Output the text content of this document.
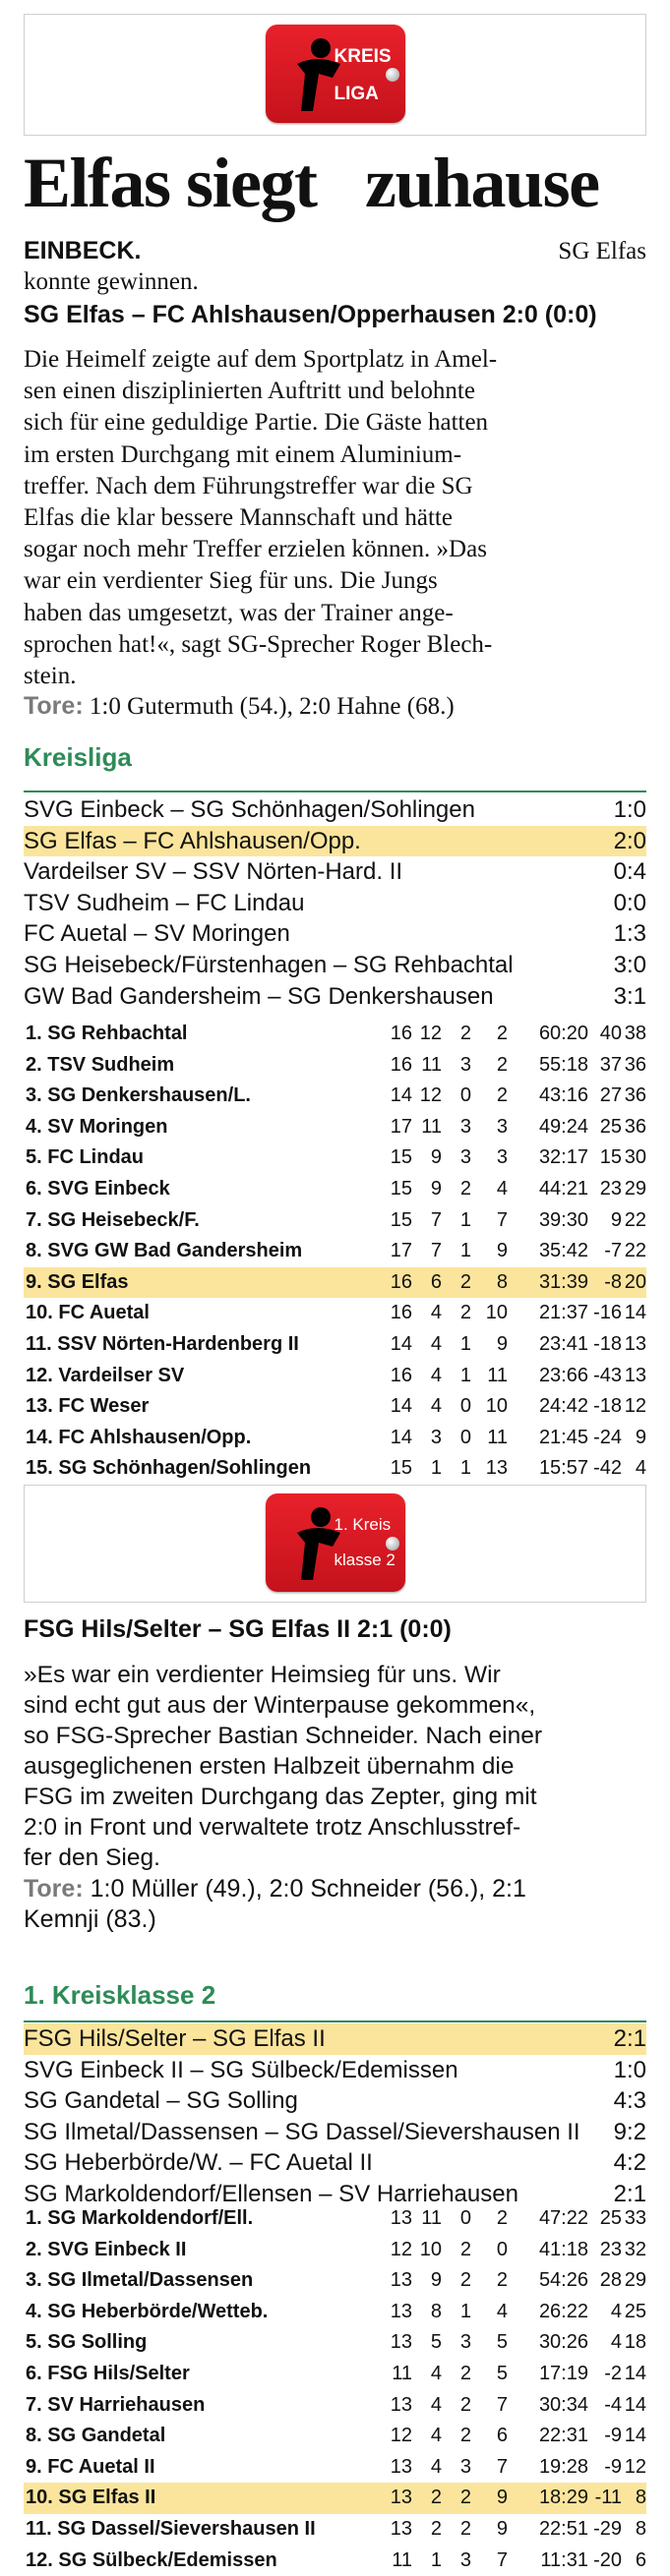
KREIS
LIGA
Elfas siegt   zuhause
EINBECK.	SG Elfas

konnte gewinnen.
SG Elfas – FC Ahlshausen/Opperhausen 2:0 (0:0)
Die Heimelf zeigte auf dem Sportplatz in Amel-
sen einen disziplinierten Auftritt und belohnte
sich für eine geduldige Partie. Die Gäste hatten
im ersten Durchgang mit einem Aluminium-
treffer. Nach dem Führungstreffer war die SG
Elfas die klar bessere Mannschaft und hätte
sogar noch mehr Treffer erzielen können. »Das
war ein verdienter Sieg für uns. Die Jungs
haben das umgesetzt, was der Trainer ange-
sprochen hat!«, sagt SG-Sprecher Roger Blech-
stein.
Tore: 1:0 Gutermuth (54.), 2:0 Hahne (68.)
Kreisliga
SVG Einbeck – SG Schönhagen/Sohlingen	1:0
SG Elfas – FC Ahlshausen/Opp.	2:0
Vardeilser SV – SSV Nörten-Hard. II	0:4
TSV Sudheim – FC Lindau	0:0
FC Auetal – SV Moringen	1:3
SG Heisebeck/Fürstenhagen – SG Rehbachtal	3:0
GW Bad Gandersheim – SG Denkershausen	3:1
1. SG Rehbachtal	16 12 2 2 60:20 40 38
2. TSV Sudheim	16 11 3 2 55:18 37 36
3. SG Denkershausen/L.	14 12 0 2 43:16 27 36
4. SV Moringen	17 11 3 3 49:24 25 36
5. FC Lindau	15 9 3 3 32:17 15 30
6. SVG Einbeck	15 9 2 4 44:21 23 29
7. SG Heisebeck/F.	15 7 1 7 39:30 9 22
8. SVG GW Bad Gandersheim	17 7 1 9 35:42 -7 22
9. SG Elfas	16 6 2 8 31:39 -8 20
10. FC Auetal	16 4 2 10 21:37 -16 14
11. SSV Nörten-Hardenberg II	14 4 1 9 23:41 -18 13
12. Vardeilser SV	16 4 1 11 23:66 -43 13
13. FC Weser	14 4 0 10 24:42 -18 12
14. FC Ahlshausen/Opp.	14 3 0 11 21:45 -24 9
15. SG Schönhagen/Sohlingen	15 1 1 13 15:57 -42 4
1. Kreis
klasse 2
FSG Hils/Selter – SG Elfas II 2:1 (0:0)
»Es war ein verdienter Heimsieg für uns. Wir
sind echt gut aus der Winterpause gekommen«,
so FSG-Sprecher Bastian Schneider. Nach einer
ausgeglichenen ersten Halbzeit übernahm die
FSG im zweiten Durchgang das Zepter, ging mit
2:0 in Front und verwaltete trotz Anschlusstref-
fer den Sieg.
Tore: 1:0 Müller (49.), 2:0 Schneider (56.), 2:1
Kemnji (83.)
1. Kreisklasse 2
FSG Hils/Selter – SG Elfas II	2:1
SVG Einbeck II – SG Sülbeck/Edemissen	1:0
SG Gandetal – SG Solling	4:3
SG Ilmetal/Dassensen – SG Dassel/Sievershausen II 9:2
SG Heberbörde/W. – FC Auetal II	4:2
SG Markoldendorf/Ellensen – SV Harriehausen	2:1
1. SG Markoldendorf/Ell.	13 11 0 2 47:22 25 33
2. SVG Einbeck II	12 10 2 0 41:18 23 32
3. SG Ilmetal/Dassensen	13 9 2 2 54:26 28 29
4. SG Heberbörde/Wetteb.	13 8 1 4 26:22 4 25
5. SG Solling	13 5 3 5 30:26 4 18
6. FSG Hils/Selter	11 4 2 5 17:19 -2 14
7. SV Harriehausen	13 4 2 7 30:34 -4 14
8. SG Gandetal	12 4 2 6 22:31 -9 14
9. FC Auetal II	13 4 3 7 19:28 -9 12
10. SG Elfas II	13 2 2 9 18:29 -11 8
11. SG Dassel/Sievershausen II	13 2 2 9 22:51 -29 8
12. SG Sülbeck/Edemissen	11 1 3 7 11:31 -20 6
